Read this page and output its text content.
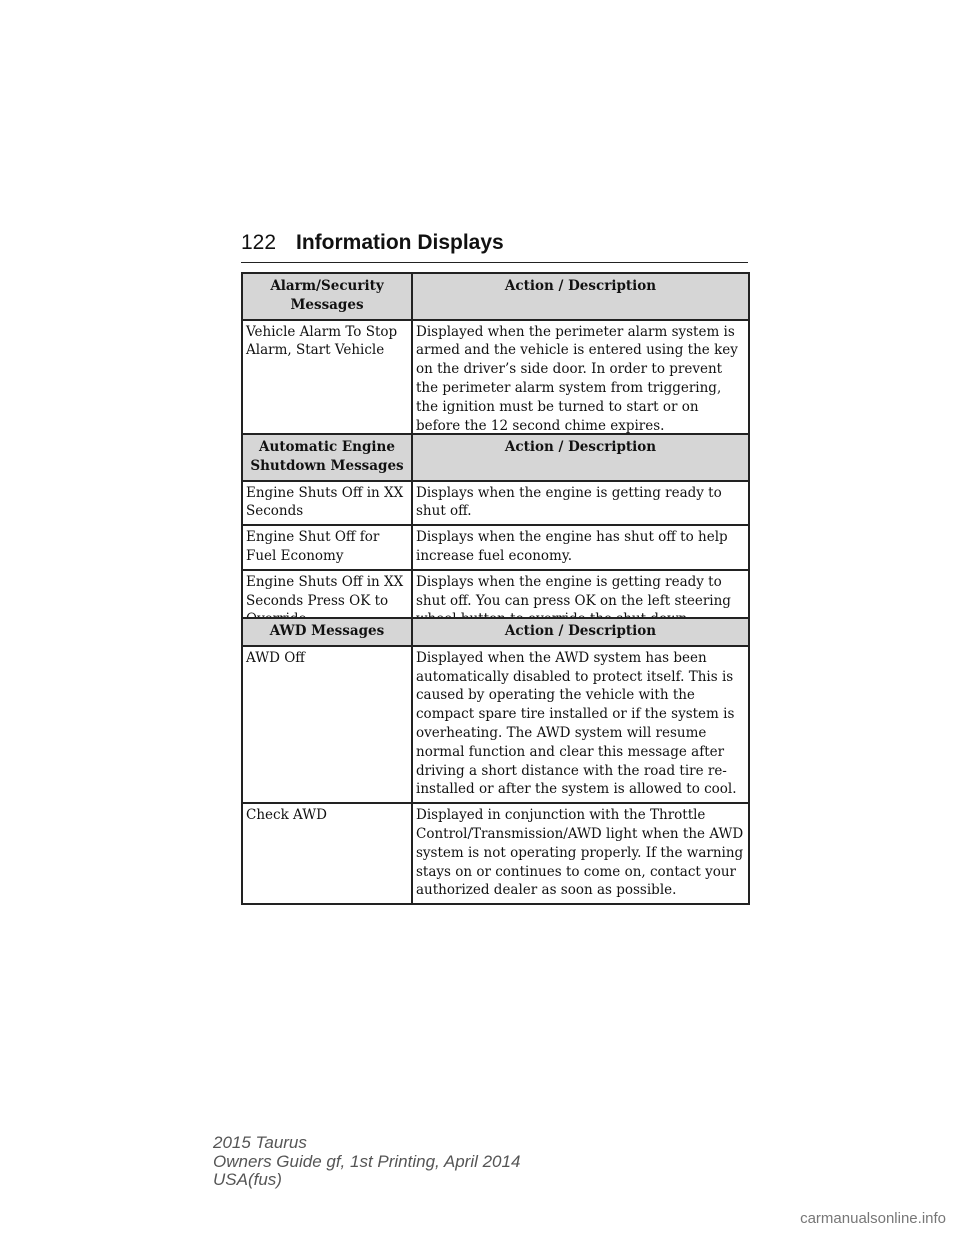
122 Information Displays
Alarm/Security Messages	Action / Description
Vehicle Alarm To Stop Alarm, Start Vehicle	Displayed when the perimeter alarm system is armed and the vehicle is entered using the key on the driver’s side door. In order to prevent the perimeter alarm system from triggering, the ignition must be turned to start or on before the 12 second chime expires.
Automatic Engine Shutdown Messages	Action / Description
Engine Shuts Off in XX Seconds	Displays when the engine is getting ready to shut off.
Engine Shut Off for Fuel Economy	Displays when the engine has shut off to help increase fuel economy.
Engine Shuts Off in XX Seconds Press OK to	Displays when the engine is getting ready to shut off. You can press OK on the left steering
AWD Messages	Action / Description
AWD Off	Displayed when the AWD system has been automatically disabled to protect itself. This is caused by operating the vehicle with the compact spare tire installed or if the system is overheating. The AWD system will resume normal function and clear this message after driving a short distance with the road tire re-installed or after the system is allowed to cool.
Check AWD	Displayed in conjunction with the Throttle Control/Transmission/AWD light when the AWD system is not operating properly. If the warning stays on or continues to come on, contact your authorized dealer as soon as possible.
2015 Taurus
Owners Guide gf, 1st Printing, April 2014
USA(fus)
carmanualsonline.info
